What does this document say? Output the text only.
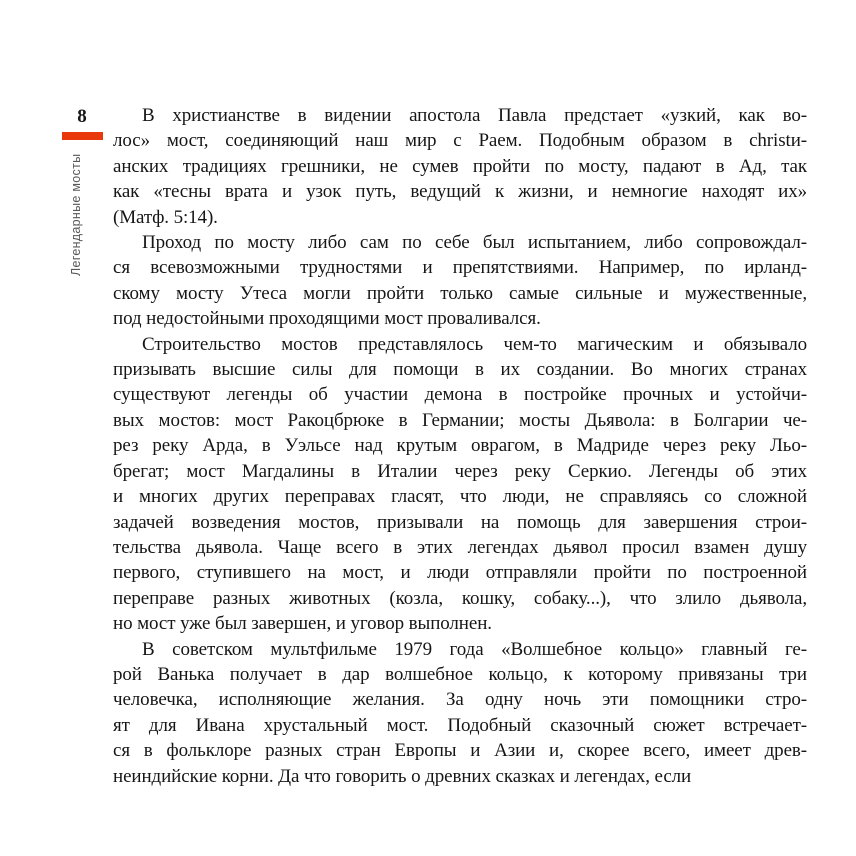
8
Легендарные мосты
В христианстве в видении апостола Павла предстает «узкий, как во-
лос» мост, соединяющий наш мир с Раем. Подобным образом в christи-
анских традициях грешники, не сумев пройти по мосту, падают в Ад, так
как «тесны врата и узок путь, ведущий к жизни, и немногие находят их»
(Матф. 5:14).
Проход по мосту либо сам по себе был испытанием, либо сопровождал-
ся всевозможными трудностями и препятствиями. Например, по ирланд-
скому мосту Утеса могли пройти только самые сильные и мужественные,
под недостойными проходящими мост проваливался.
Строительство мостов представлялось чем-то магическим и обязывало
призывать высшие силы для помощи в их создании. Во многих странах
существуют легенды об участии демона в постройке прочных и устойчи-
вых мостов: мост Ракоцбрюке в Германии; мосты Дьявола: в Болгарии че-
рез реку Арда, в Уэльсе над крутым оврагом, в Мадриде через реку Льо-
брегат; мост Магдалины в Италии через реку Серкио. Легенды об этих
и многих других переправах гласят, что люди, не справляясь со сложной
задачей возведения мостов, призывали на помощь для завершения строи-
тельства дьявола. Чаще всего в этих легендах дьявол просил взамен душу
первого, ступившего на мост, и люди отправляли пройти по построенной
переправе разных животных (козла, кошку, собаку...), что злило дьявола,
но мост уже был завершен, и уговор выполнен.
В советском мультфильме 1979 года «Волшебное кольцо» главный ге-
рой Ванька получает в дар волшебное кольцо, к которому привязаны три
человечка, исполняющие желания. За одну ночь эти помощники стро-
ят для Ивана хрустальный мост. Подобный сказочный сюжет встречает-
ся в фольклоре разных стран Европы и Азии и, скорее всего, имеет древ-
неиндийские корни. Да что говорить о древних сказках и легендах, если
